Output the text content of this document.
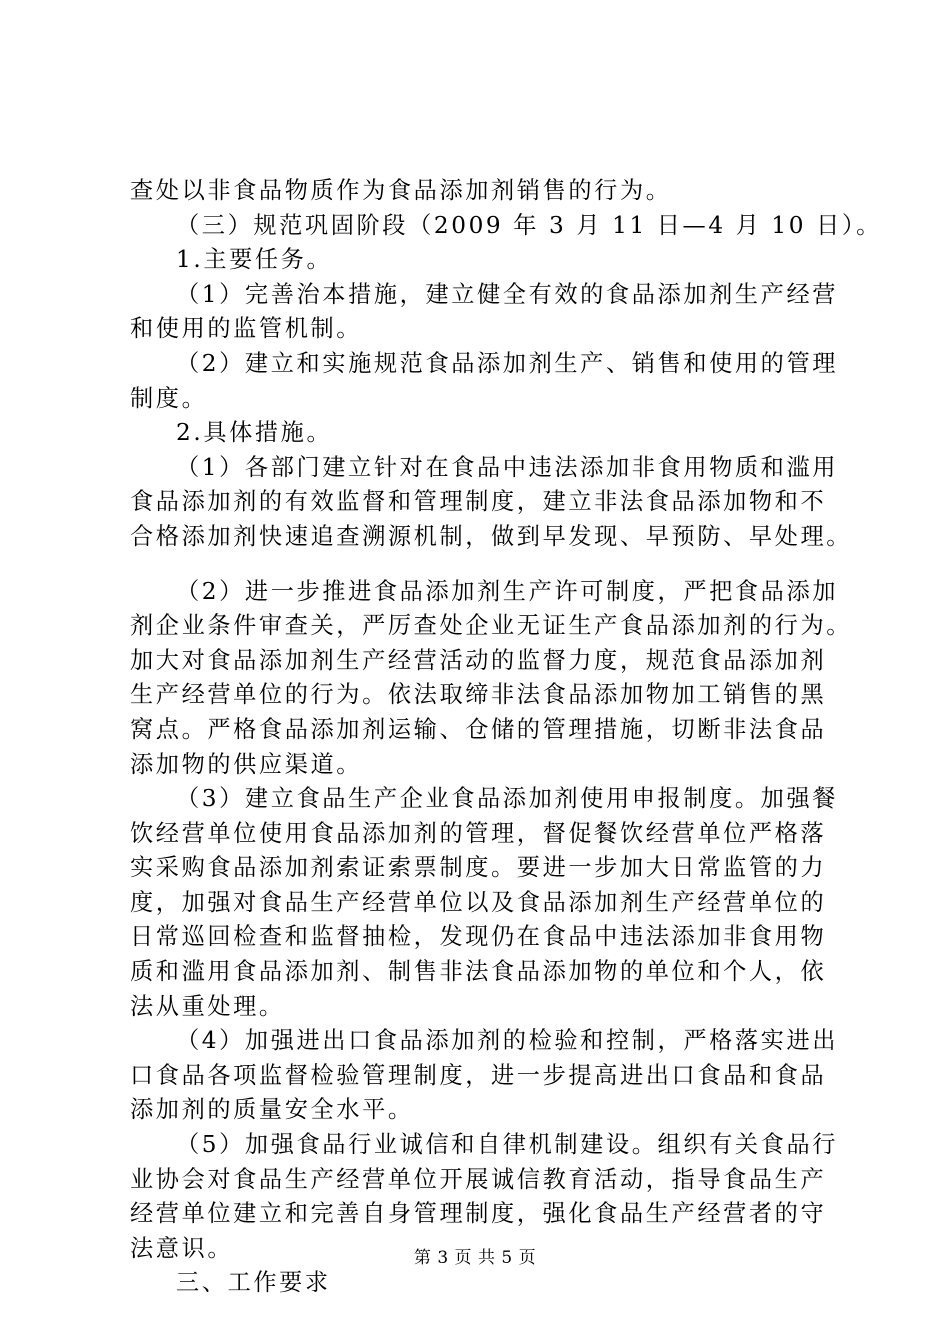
查处以非食品物质作为食品添加剂销售的行为。
（三）规范巩固阶段（2009 年 3 月 11 日—4 月 10 日）。
1.主要任务。
（1）完善治本措施，建立健全有效的食品添加剂生产经营
和使用的监管机制。
（2）建立和实施规范食品添加剂生产、销售和使用的管理
制度。
2.具体措施。
（1）各部门建立针对在食品中违法添加非食用物质和滥用
食品添加剂的有效监督和管理制度，建立非法食品添加物和不
合格添加剂快速追查溯源机制，做到早发现、早预防、早处理。
（2）进一步推进食品添加剂生产许可制度，严把食品添加
剂企业条件审查关，严厉查处企业无证生产食品添加剂的行为。
加大对食品添加剂生产经营活动的监督力度，规范食品添加剂
生产经营单位的行为。依法取缔非法食品添加物加工销售的黑
窝点。严格食品添加剂运输、仓储的管理措施，切断非法食品
添加物的供应渠道。
（3）建立食品生产企业食品添加剂使用申报制度。加强餐
饮经营单位使用食品添加剂的管理，督促餐饮经营单位严格落
实采购食品添加剂索证索票制度。要进一步加大日常监管的力
度，加强对食品生产经营单位以及食品添加剂生产经营单位的
日常巡回检查和监督抽检，发现仍在食品中违法添加非食用物
质和滥用食品添加剂、制售非法食品添加物的单位和个人，依
法从重处理。
（4）加强进出口食品添加剂的检验和控制，严格落实进出
口食品各项监督检验管理制度，进一步提高进出口食品和食品
添加剂的质量安全水平。
（5）加强食品行业诚信和自律机制建设。组织有关食品行
业协会对食品生产经营单位开展诚信教育活动，指导食品生产
经营单位建立和完善自身管理制度，强化食品生产经营者的守
法意识。
三、工作要求
第 3 页 共 5 页
